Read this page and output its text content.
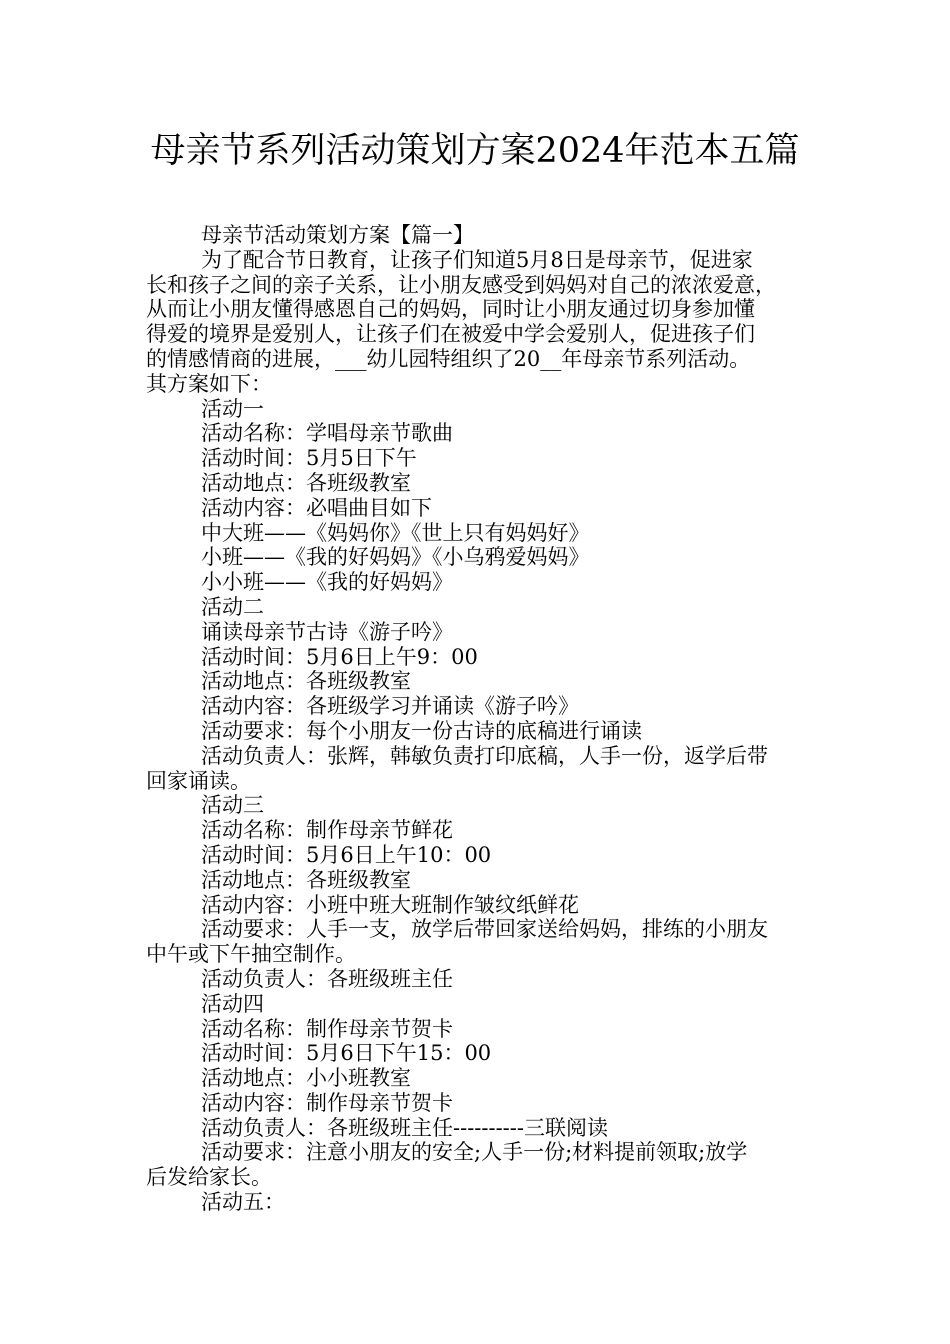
母亲节系列活动策划方案2024年范本五篇

母亲节活动策划方案【篇一】

为了配合节日教育，让孩子们知道5月8日是母亲节，促进家

长和孩子之间的亲子关系，让小朋友感受到妈妈对自己的浓浓爱意，

从而让小朋友懂得感恩自己的妈妈，同时让小朋友通过切身参加懂

得爱的境界是爱别人，让孩子们在被爱中学会爱别人，促进孩子们

的情感情商的进展，___幼儿园特组织了20__年母亲节系列活动。

其方案如下：

活动一

活动名称：学唱母亲节歌曲

活动时间：5月5日下午

活动地点：各班级教室

活动内容：必唱曲目如下

中大班——《妈妈你》《世上只有妈妈好》

小班——《我的好妈妈》《小乌鸦爱妈妈》

小小班——《我的好妈妈》

活动二

诵读母亲节古诗《游子吟》

活动时间：5月6日上午9：00

活动地点：各班级教室

活动内容：各班级学习并诵读《游子吟》

活动要求：每个小朋友一份古诗的底稿进行诵读

活动负责人：张辉，韩敏负责打印底稿，人手一份，返学后带

回家诵读。

活动三

活动名称：制作母亲节鲜花

活动时间：5月6日上午10：00

活动地点：各班级教室

活动内容：小班中班大班制作皱纹纸鲜花

活动要求：人手一支，放学后带回家送给妈妈，排练的小朋友

中午或下午抽空制作。

活动负责人：各班级班主任

活动四

活动名称：制作母亲节贺卡

活动时间：5月6日下午15：00

活动地点：小小班教室

活动内容：制作母亲节贺卡

活动负责人：各班级班主任----------三联阅读

活动要求：注意小朋友的安全;人手一份;材料提前领取;放学

后发给家长。

活动五：
